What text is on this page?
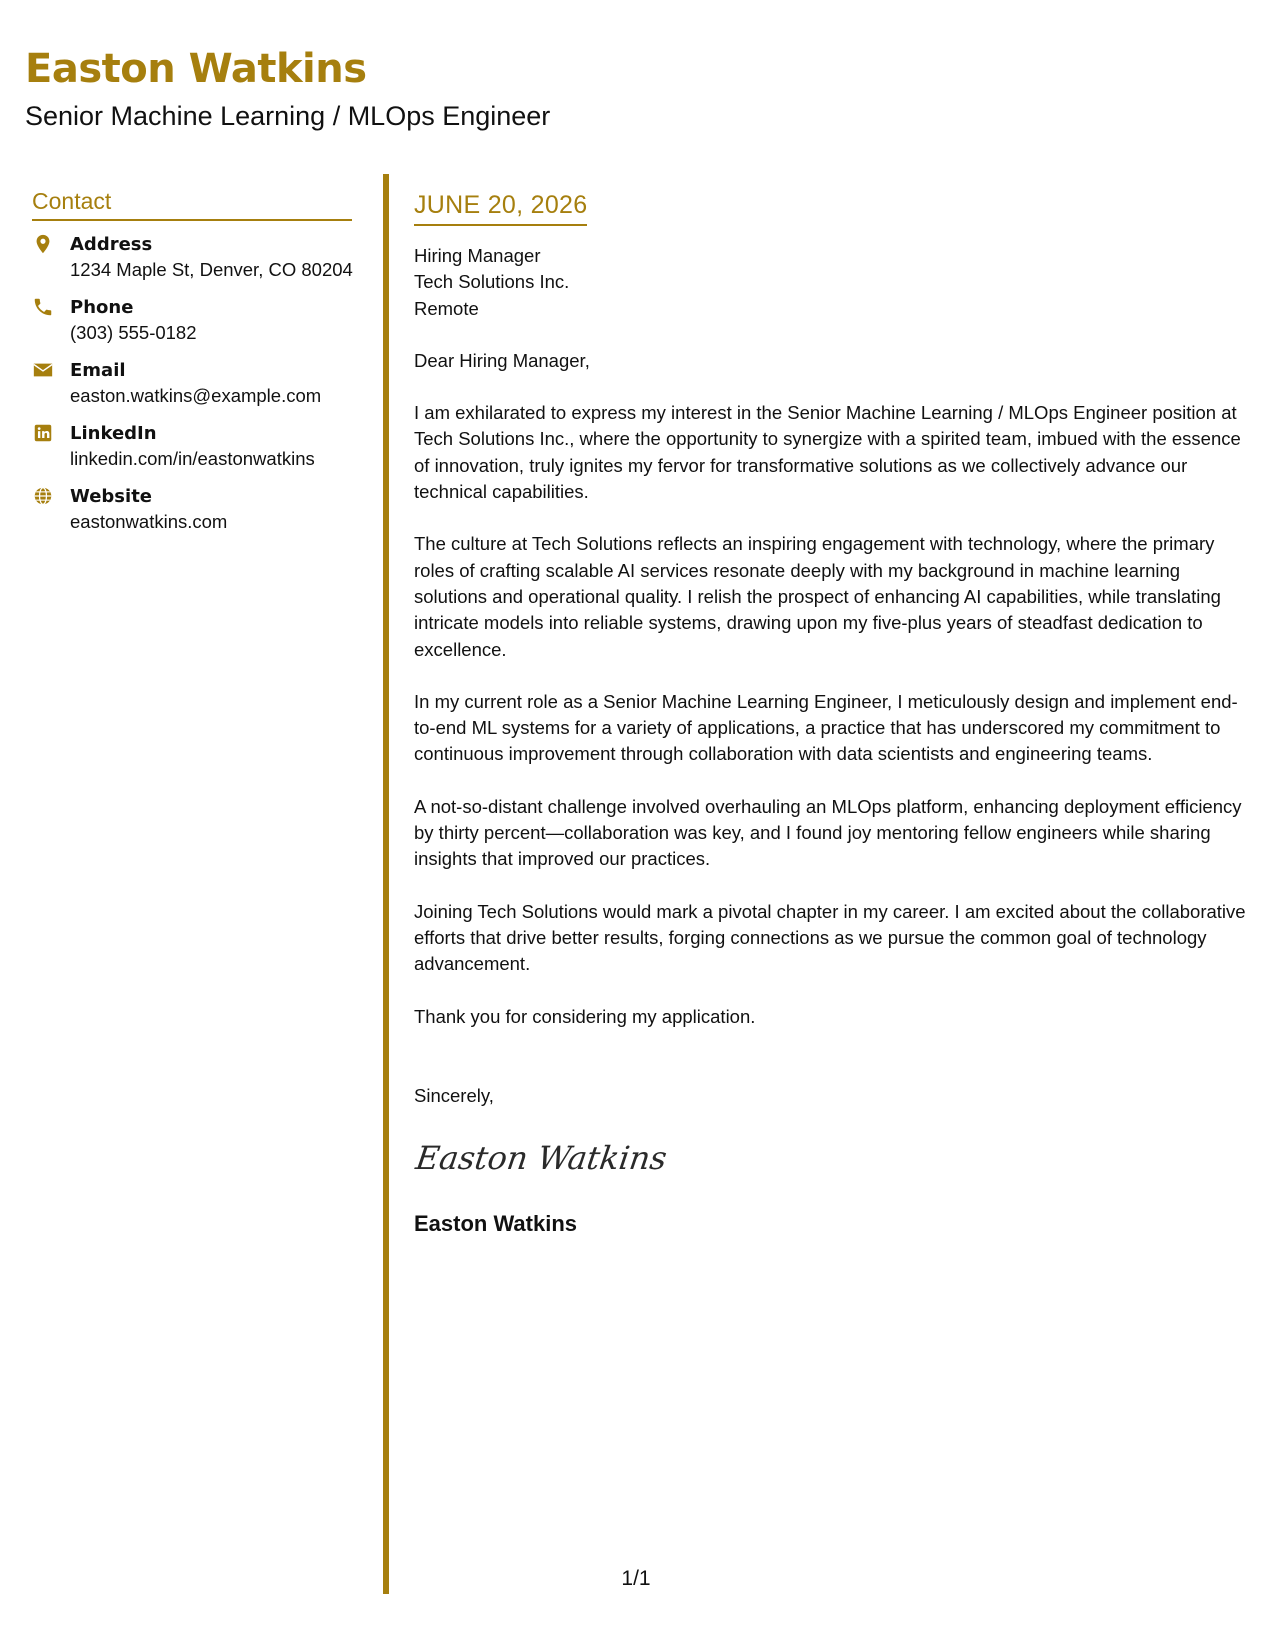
Easton Watkins
Senior Machine Learning / MLOps Engineer
Contact
Address
1234 Maple St, Denver, CO 80204
Phone
(303) 555-0182
Email
easton.watkins@example.com
LinkedIn
linkedin.com/in/eastonwatkins
Website
eastonwatkins.com
JUNE 20, 2026
Hiring Manager
Tech Solutions Inc.
Remote
Dear Hiring Manager,

I am exhilarated to express my interest in the Senior Machine Learning / MLOps Engineer position at Tech Solutions Inc., where the opportunity to synergize with a spirited team, imbued with the essence of innovation, truly ignites my fervor for transformative solutions as we collectively advance our technical capabilities.

The culture at Tech Solutions reflects an inspiring engagement with technology, where the primary roles of crafting scalable AI services resonate deeply with my background in machine learning solutions and operational quality. I relish the prospect of enhancing AI capabilities, while translating intricate models into reliable systems, drawing upon my five-plus years of steadfast dedication to excellence.

In my current role as a Senior Machine Learning Engineer, I meticulously design and implement end-to-end ML systems for a variety of applications, a practice that has underscored my commitment to continuous improvement through collaboration with data scientists and engineering teams.

A not-so-distant challenge involved overhauling an MLOps platform, enhancing deployment efficiency by thirty percent—collaboration was key, and I found joy mentoring fellow engineers while sharing insights that improved our practices.

Joining Tech Solutions would mark a pivotal chapter in my career. I am excited about the collaborative efforts that drive better results, forging connections as we pursue the common goal of technology advancement.

Thank you for considering my application.

Sincerely,
Easton Watkins
Easton Watkins
1/1
